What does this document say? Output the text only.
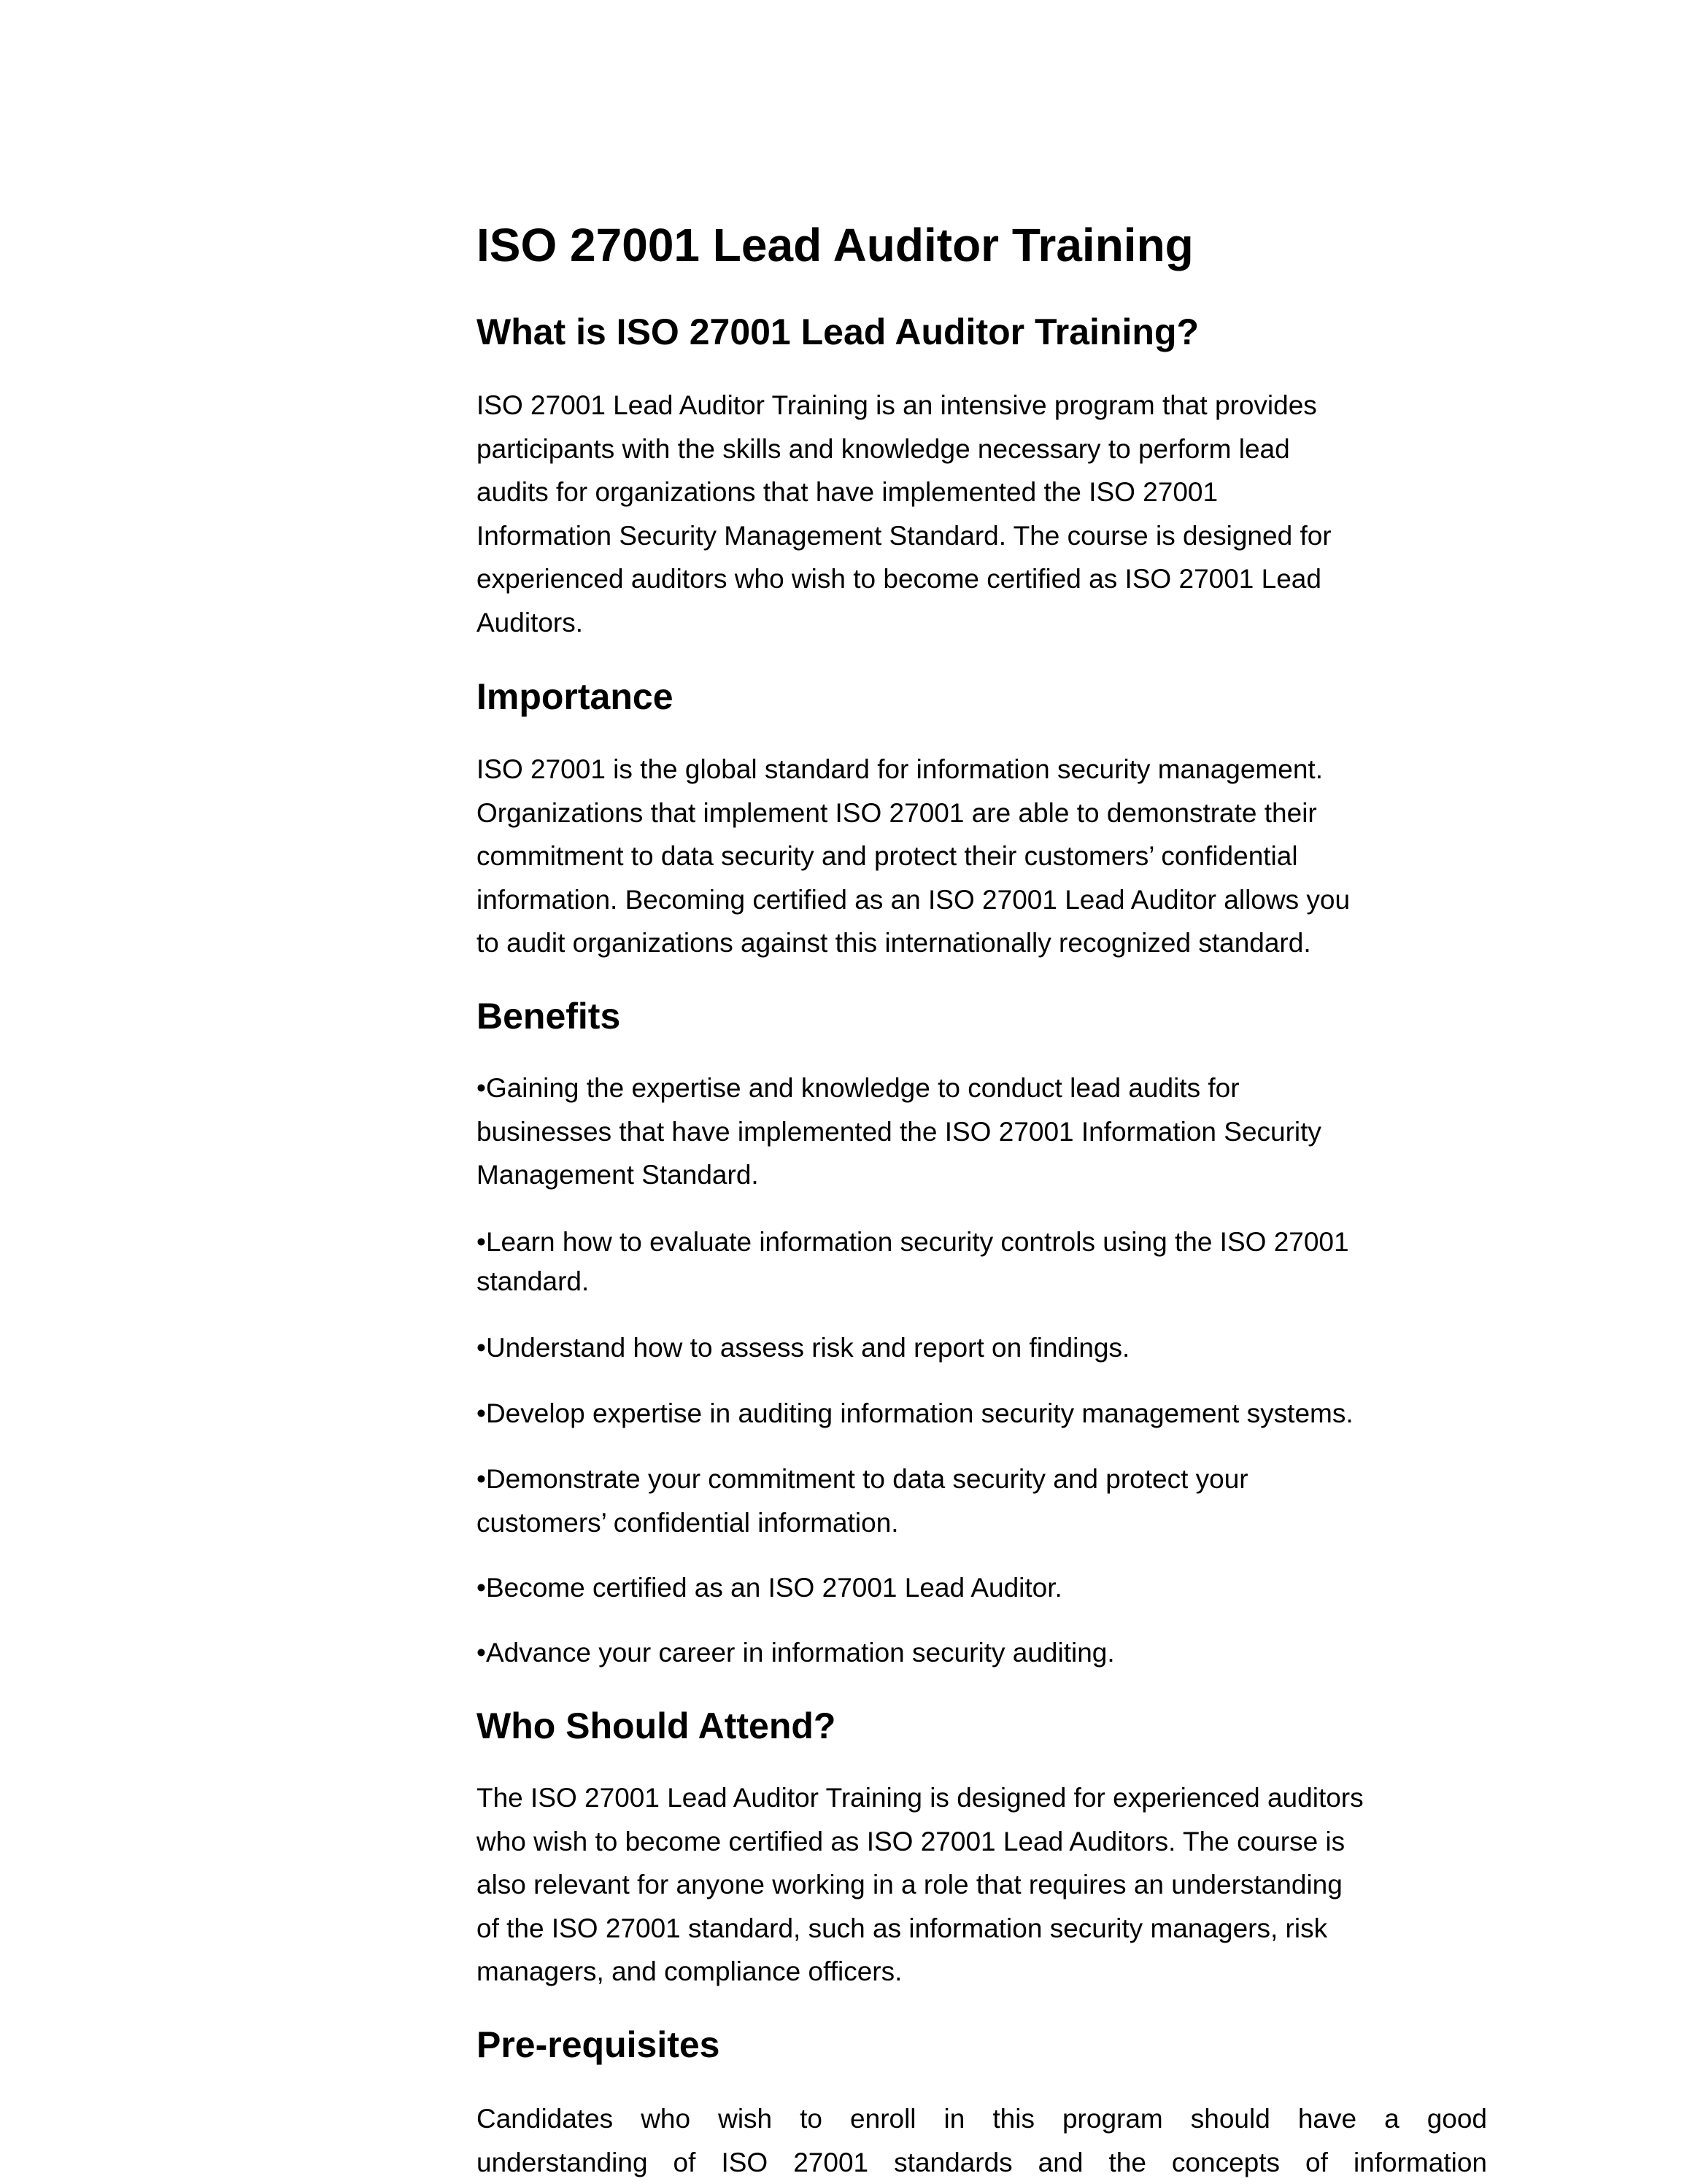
ISO 27001 Lead Auditor Training
What is ISO 27001 Lead Auditor Training?
ISO 27001 Lead Auditor Training is an intensive program that provides
participants with the skills and knowledge necessary to perform lead
audits for organizations that have implemented the ISO 27001
Information Security Management Standard. The course is designed for
experienced auditors who wish to become certified as ISO 27001 Lead
Auditors.
Importance
ISO 27001 is the global standard for information security management.
Organizations that implement ISO 27001 are able to demonstrate their
commitment to data security and protect their customers’ confidential
information. Becoming certified as an ISO 27001 Lead Auditor allows you
to audit organizations against this internationally recognized standard.
Benefits
•Gaining the expertise and knowledge to conduct lead audits for
businesses that have implemented the ISO 27001 Information Security
Management Standard.
•Learn how to evaluate information security controls using the ISO 27001
standard.
•Understand how to assess risk and report on findings.
•Develop expertise in auditing information security management systems.
•Demonstrate your commitment to data security and protect your
customers’ confidential information.
•Become certified as an ISO 27001 Lead Auditor.
•Advance your career in information security auditing.
Who Should Attend?
The ISO 27001 Lead Auditor Training is designed for experienced auditors
who wish to become certified as ISO 27001 Lead Auditors. The course is
also relevant for anyone working in a role that requires an understanding
of the ISO 27001 standard, such as information security managers, risk
managers, and compliance officers.
Pre-requisites
Candidates who wish to enroll in this program should have a good
understanding of ISO 27001 standards and the concepts of information
